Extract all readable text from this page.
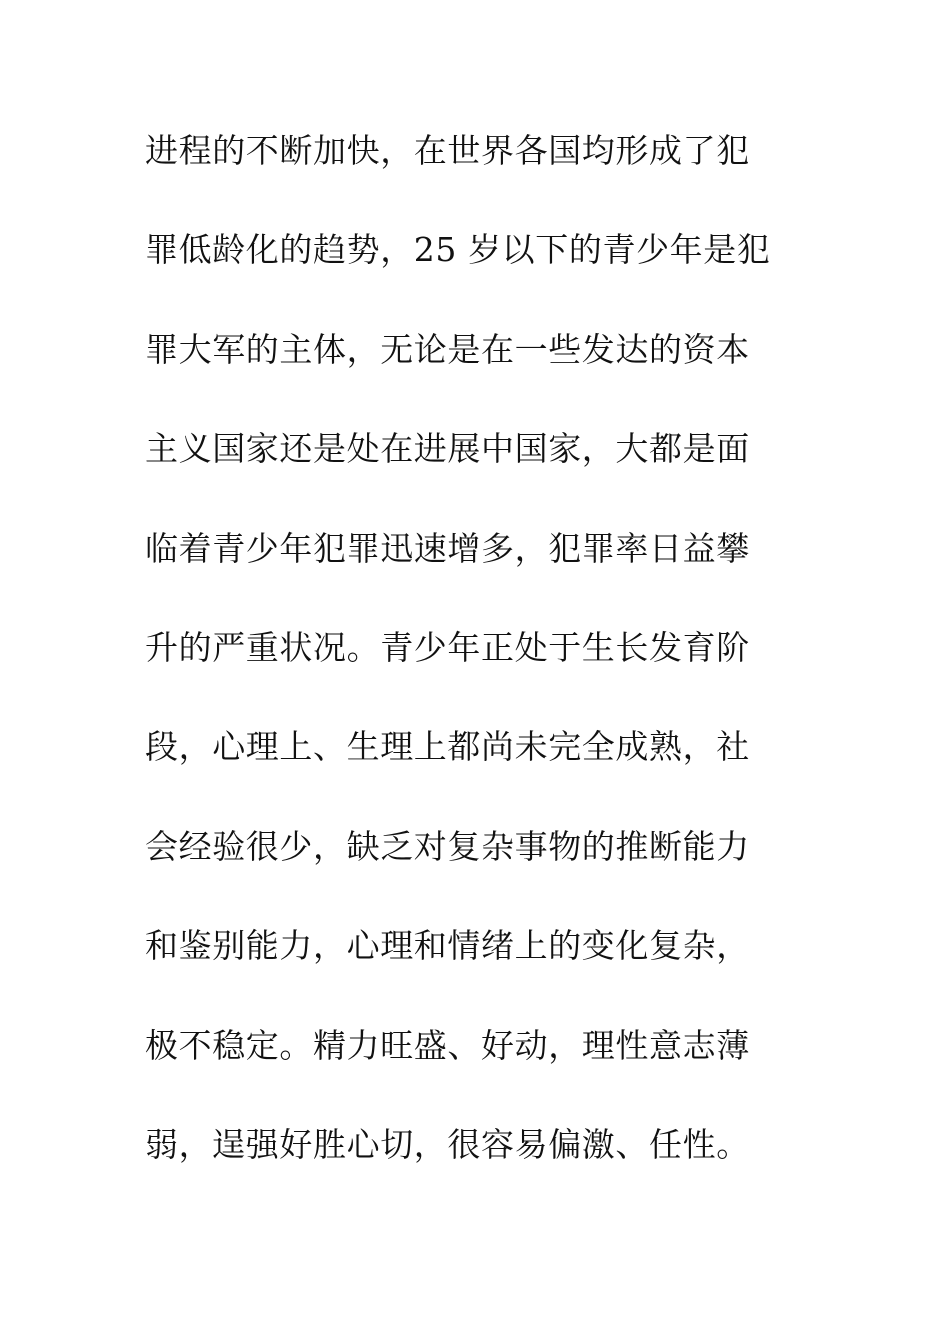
进程的不断加快，在世界各国均形成了犯
罪低龄化的趋势，25 岁以下的青少年是犯
罪大军的主体，无论是在一些发达的资本
主义国家还是处在进展中国家，大都是面
临着青少年犯罪迅速增多，犯罪率日益攀
升的严重状况。青少年正处于生长发育阶
段，心理上、生理上都尚未完全成熟，社
会经验很少，缺乏对复杂事物的推断能力
和鉴别能力，心理和情绪上的变化复杂，
极不稳定。精力旺盛、好动，理性意志薄
弱，逞强好胜心切，很容易偏激、任性。
